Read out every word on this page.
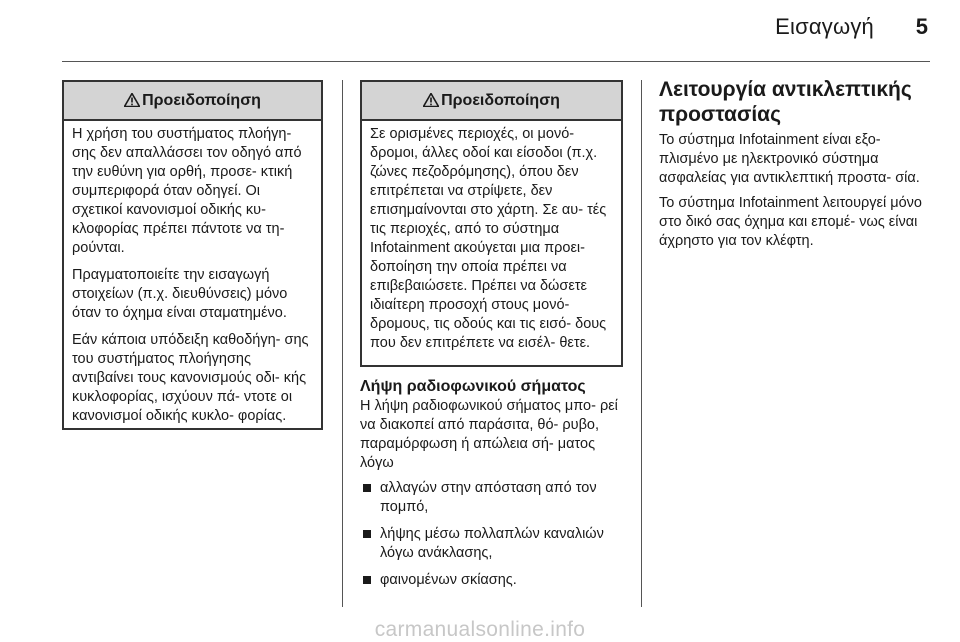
Εισαγωγή	5
Προειδοποίηση

Η χρήση του συστήματος πλοήγη- σης δεν απαλλάσσει τον οδηγό από την ευθύνη για ορθή, προσε- κτική συμπεριφορά όταν οδηγεί. Οι σχετικοί κανονισμοί οδικής κυ- κλοφορίας πρέπει πάντοτε να τη- ρούνται.

Πραγματοποιείτε την εισαγωγή στοιχείων (π.χ. διευθύνσεις) μόνο όταν το όχημα είναι σταματημένο.

Εάν κάποια υπόδειξη καθοδήγη- σης του συστήματος πλοήγησης αντιβαίνει τους κανονισμούς οδι- κής κυκλοφορίας, ισχύουν πά- ντοτε οι κανονισμοί οδικής κυκλο- φορίας.

Προειδοποίηση

Σε ορισμένες περιοχές, οι μονό- δρομοι, άλλες οδοί και είσοδοι (π.χ. ζώνες πεζοδρόμησης), όπου δεν επιτρέπεται να στρίψετε, δεν επισημαίνονται στο χάρτη. Σε αυ- τές τις περιοχές, από το σύστημα Infotainment ακούγεται μια προει- δοποίηση την οποία πρέπει να επιβεβαιώσετε. Πρέπει να δώσετε ιδιαίτερη προσοχή στους μονό- δρομους, τις οδούς και τις εισό- δους που δεν επιτρέπετε να εισέλ- θετε.

Λήψη ραδιοφωνικού σήματος

Η λήψη ραδιοφωνικού σήματος μπο- ρεί να διακοπεί από παράσιτα, θό- ρυβο, παραμόρφωση ή απώλεια σή- ματος λόγω

αλλαγών στην απόσταση από τον πομπό,
λήψης μέσω πολλαπλών καναλιών λόγω ανάκλασης,
φαινομένων σκίασης.

Λειτουργία αντικλεπτικής προστασίας

Το σύστημα Infotainment είναι εξο- πλισμένο με ηλεκτρονικό σύστημα ασφαλείας για αντικλεπτική προστα- σία.

Το σύστημα Infotainment λειτουργεί μόνο στο δικό σας όχημα και επομέ- νως είναι άχρηστο για τον κλέφτη.

carmanualsonline.info
